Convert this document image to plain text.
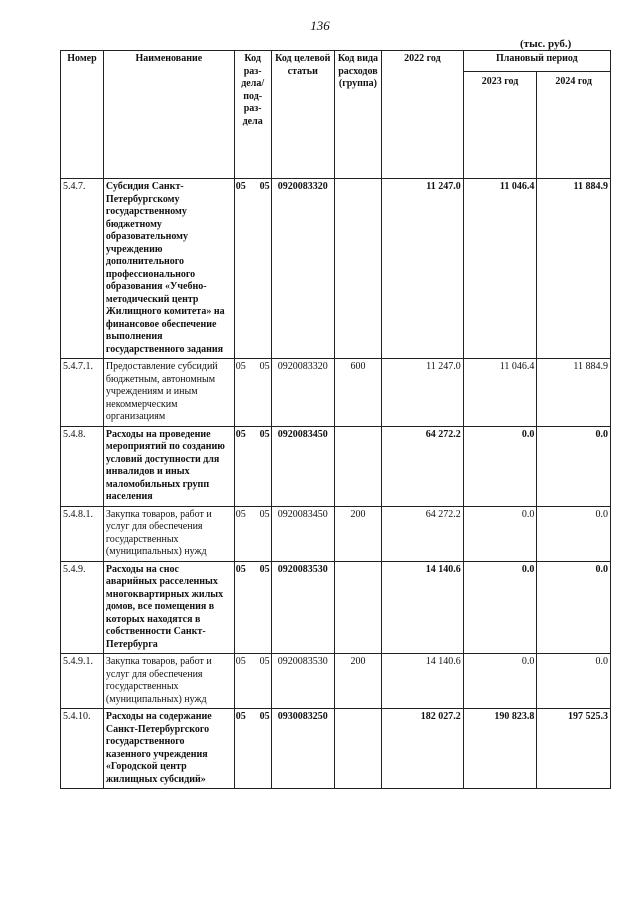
136
(тыс. руб.)
Номер	Наименование	Код раз- дела/ под- раз- дела	Код целевой статьи	Код вида расходов (группа)	2022 год	Плановый период	
						2023 год	2024 год
5.4.7.	Субсидия Санкт-Петербургскому государственному бюджетному образовательному учреждению дополнительного профессионального образования «Учебно-методический центр Жилищного комитета» на финансовое обеспечение выполнения государственного задания	05 05	0920083320		11 247.0	11 046.4	11 884.9
5.4.7.1.	Предоставление субсидий бюджетным, автономным учреждениям и иным некоммерческим организациям	05 05	0920083320	600	11 247.0	11 046.4	11 884.9
5.4.8.	Расходы на проведение мероприятий по созданию условий доступности для инвалидов и иных маломобильных групп населения	05 05	0920083450		64 272.2	0.0	0.0
5.4.8.1.	Закупка товаров, работ и услуг для обеспечения государственных (муниципальных) нужд	05 05	0920083450	200	64 272.2	0.0	0.0
5.4.9.	Расходы на снос аварийных расселенных многоквартирных жилых домов, все помещения в которых находятся в собственности Санкт-Петербурга	05 05	0920083530		14 140.6	0.0	0.0
5.4.9.1.	Закупка товаров, работ и услуг для обеспечения государственных (муниципальных) нужд	05 05	0920083530	200	14 140.6	0.0	0.0
5.4.10.	Расходы на содержание Санкт-Петербургского государственного казенного учреждения «Городской центр жилищных субсидий»	05 05	0930083250		182 027.2	190 823.8	197 525.3
